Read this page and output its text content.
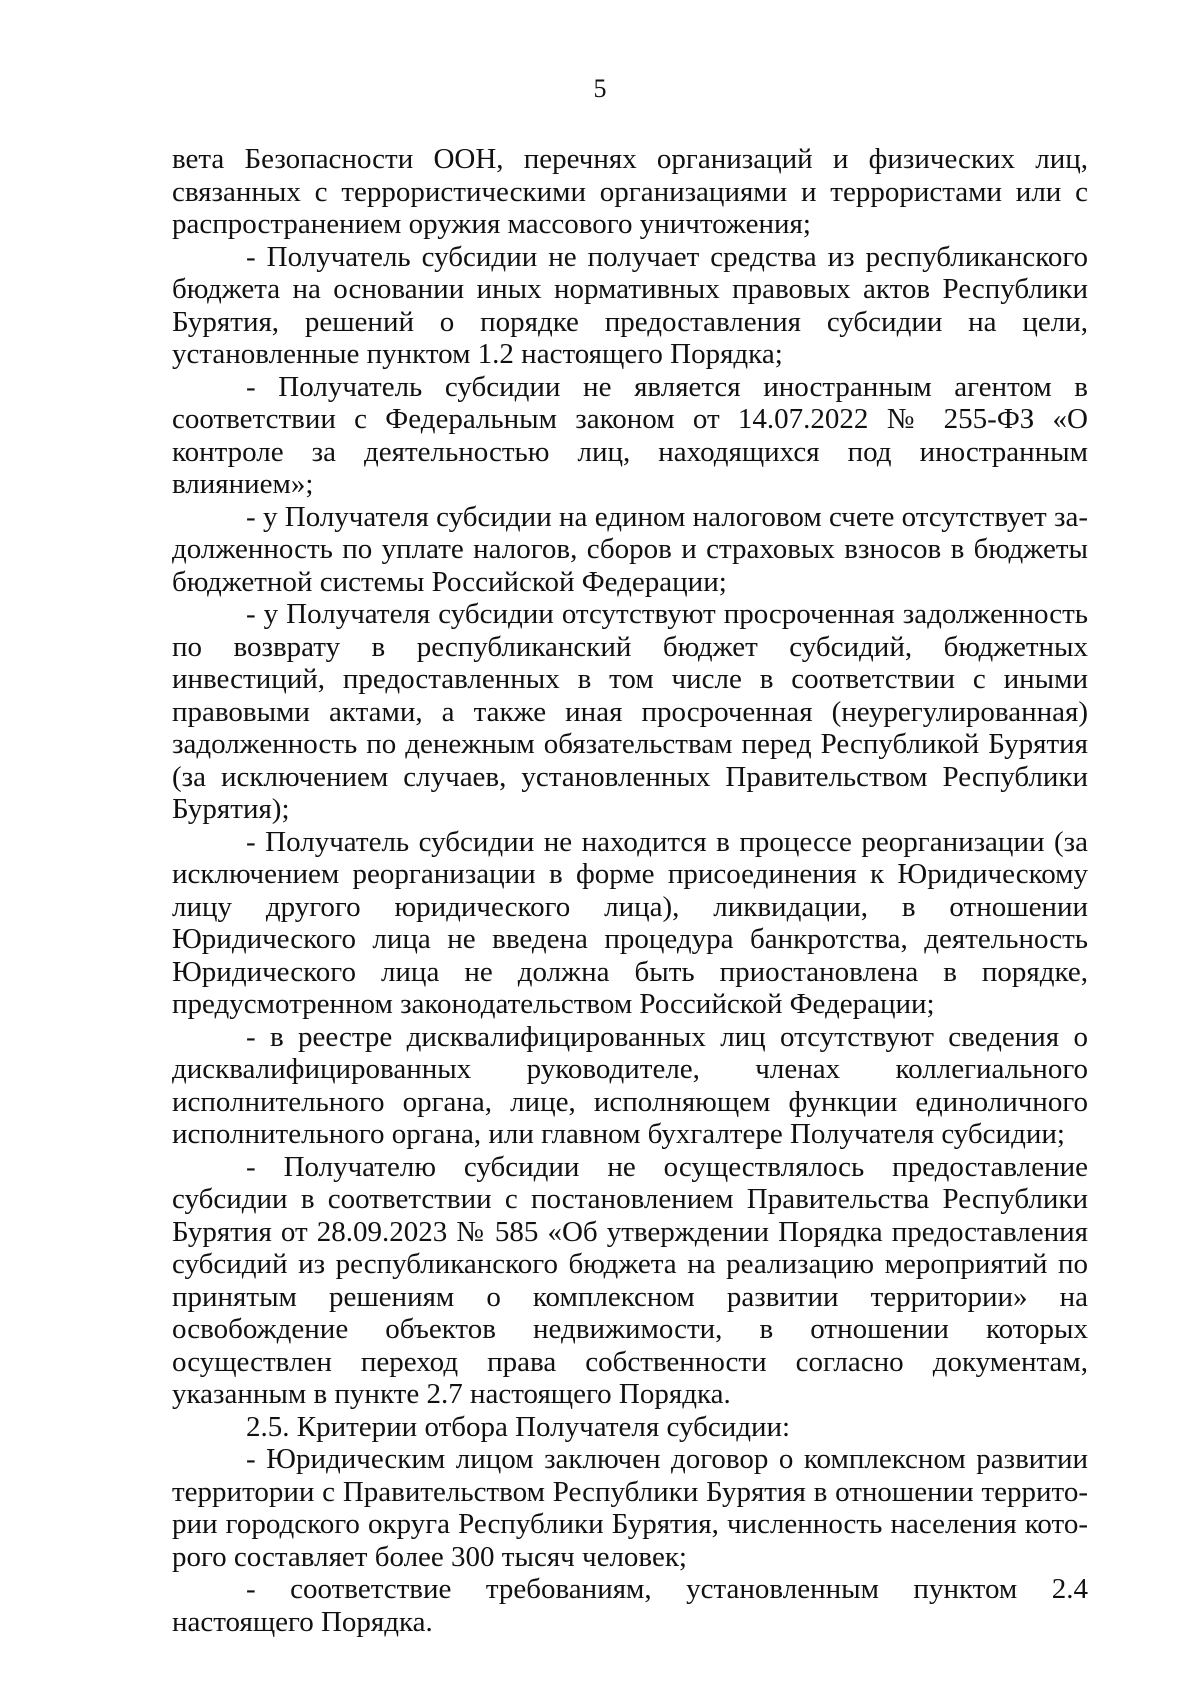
5

вета Безопасности ООН, перечнях организаций и физических лиц, связанных с террористическими организациями и террористами или с распространением оружия массового уничтожения;

- Получатель субсидии не получает средства из республиканского бюджета на основании иных нормативных правовых актов Республики Бурятия, решений о порядке предоставления субсидии на цели, установленные пунктом 1.2 настоящего Порядка;

- Получатель субсидии не является иностранным агентом в соответствии с Федеральным законом от 14.07.2022 № 255-ФЗ «О контроле за деятельностью лиц, находящихся под иностранным влиянием»;

- у Получателя субсидии на едином налоговом счете отсутствует задолженность по уплате налогов, сборов и страховых взносов в бюджеты бюджетной системы Российской Федерации;

- у Получателя субсидии отсутствуют просроченная задолженность по возврату в республиканский бюджет субсидий, бюджетных инвестиций, предоставленных в том числе в соответствии с иными правовыми актами, а также иная просроченная (неурегулированная) задолженность по денежным обязательствам перед Республикой Бурятия (за исключением случаев, установленных Правительством Республики Бурятия);

- Получатель субсидии не находится в процессе реорганизации (за исключением реорганизации в форме присоединения к Юридическому лицу другого юридического лица), ликвидации, в отношении Юридического лица не введена процедура банкротства, деятельность Юридического лица не должна быть приостановлена в порядке, предусмотренном законодательством Российской Федерации;

- в реестре дисквалифицированных лиц отсутствуют сведения о дисквалифицированных руководителе, членах коллегиального исполнительного органа, лице, исполняющем функции единоличного исполнительного органа, или главном бухгалтере Получателя субсидии;

- Получателю субсидии не осуществлялось предоставление субсидии в соответствии с постановлением Правительства Республики Бурятия от 28.09.2023 № 585 «Об утверждении Порядка предоставления субсидий из республиканского бюджета на реализацию мероприятий по принятым решениям о комплексном развитии территории» на освобождение объектов недвижимости, в отношении которых осуществлен переход права собственности согласно документам, указанным в пункте 2.7 настоящего Порядка.

2.5. Критерии отбора Получателя субсидии:

- Юридическим лицом заключен договор о комплексном развитии территории с Правительством Республики Бурятия в отношении территории городского округа Республики Бурятия, численность населения которого составляет более 300 тысяч человек;

- соответствие требованиям, установленным пунктом 2.4 настоящего Порядка.
